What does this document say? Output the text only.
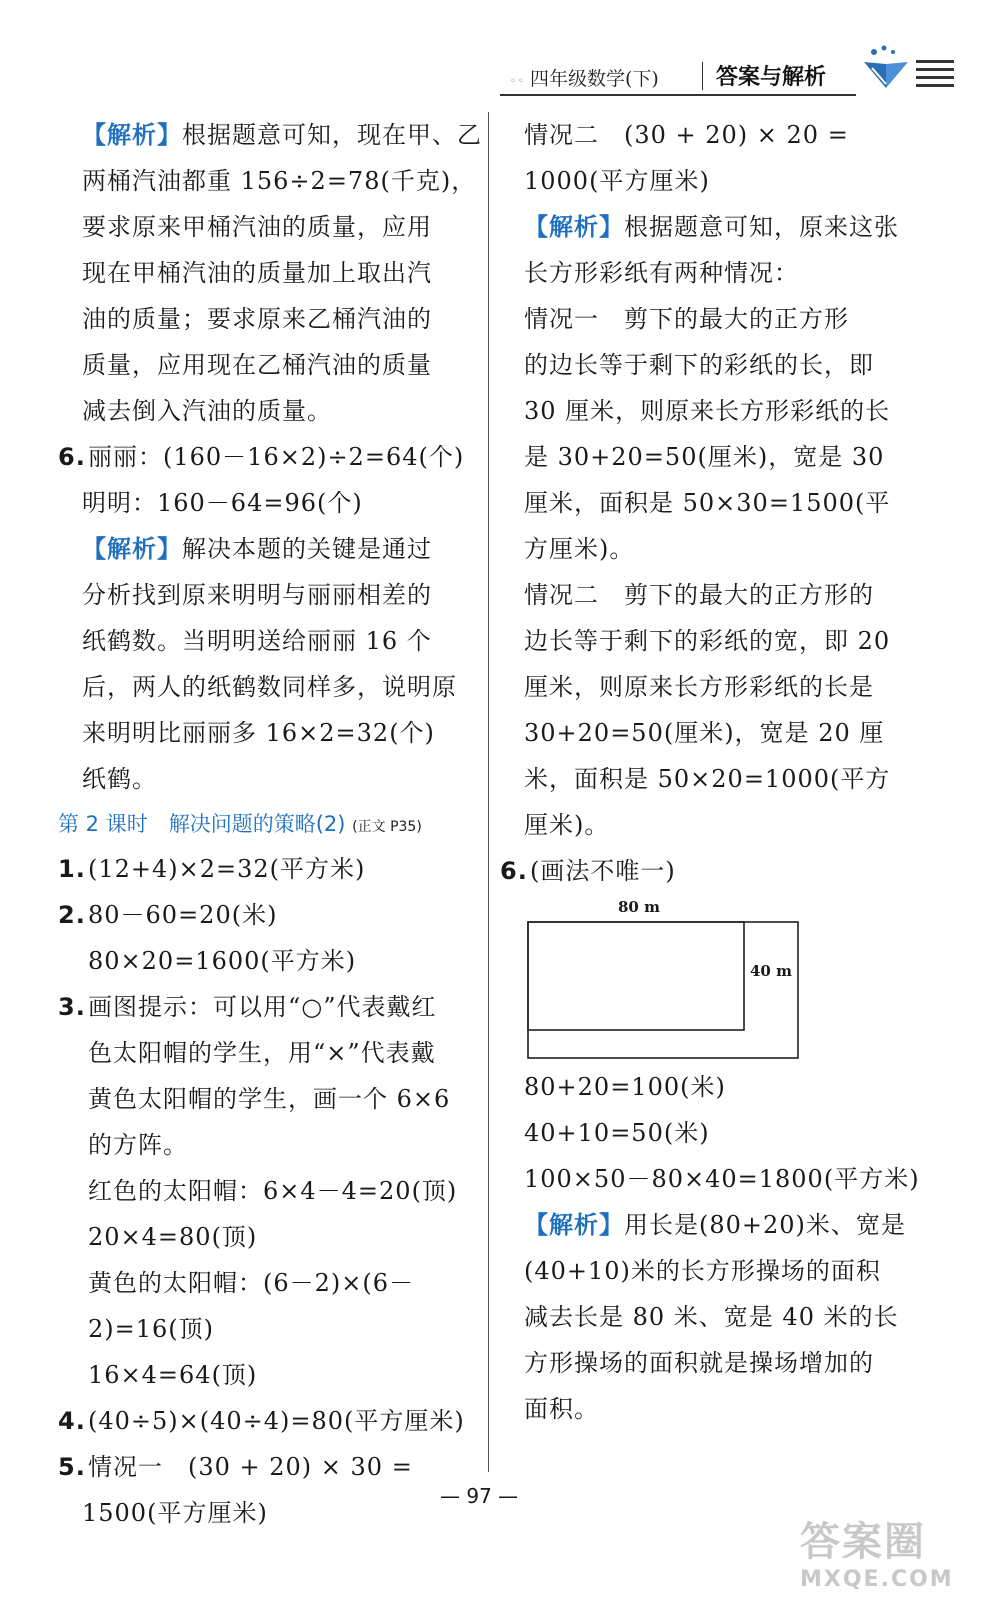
◦◦ 四年级数学(下)	答案与解析
【解析】根据题意可知，现在甲、乙
两桶汽油都重 156÷2=78(千克)，
要求原来甲桶汽油的质量，应用
现在甲桶汽油的质量加上取出汽
油的质量；要求原来乙桶汽油的
质量，应用现在乙桶汽油的质量
减去倒入汽油的质量。
6.丽丽：(160－16×2)÷2=64(个)
明明：160－64=96(个)
【解析】解决本题的关键是通过
分析找到原来明明与丽丽相差的
纸鹤数。当明明送给丽丽 16 个
后，两人的纸鹤数同样多，说明原
来明明比丽丽多 16×2=32(个)
纸鹤。
第 2 课时　解决问题的策略(2) (正文 P35)
1.(12+4)×2=32(平方米)
2.80－60=20(米)
80×20=1600(平方米)
3.画图提示：可以用“○”代表戴红
色太阳帽的学生，用“×”代表戴
黄色太阳帽的学生，画一个 6×6
的方阵。
红色的太阳帽：6×4－4=20(顶)
20×4=80(顶)
黄色的太阳帽：(6－2)×(6－
2)=16(顶)
16×4=64(顶)
4.(40÷5)×(40÷4)=80(平方厘米)
5.情况一　(30 + 20) × 30 =
1500(平方厘米)
情况二　(30 + 20) × 20 =
1000(平方厘米)
【解析】根据题意可知，原来这张
长方形彩纸有两种情况：
情况一　剪下的最大的正方形
的边长等于剩下的彩纸的长，即
30 厘米，则原来长方形彩纸的长
是 30+20=50(厘米)，宽是 30
厘米，面积是 50×30=1500(平
方厘米)。
情况二　剪下的最大的正方形的
边长等于剩下的彩纸的宽，即 20
厘米，则原来长方形彩纸的长是
30+20=50(厘米)，宽是 20 厘
米，面积是 50×20=1000(平方
厘米)。
6.(画法不唯一)
80 m
40 m
80+20=100(米)
40+10=50(米)
100×50－80×40=1800(平方米)
【解析】用长是(80+20)米、宽是
(40+10)米的长方形操场的面积
减去长是 80 米、宽是 40 米的长
方形操场的面积就是操场增加的
面积。
— 97 —
答案圈
MXQE.COM
